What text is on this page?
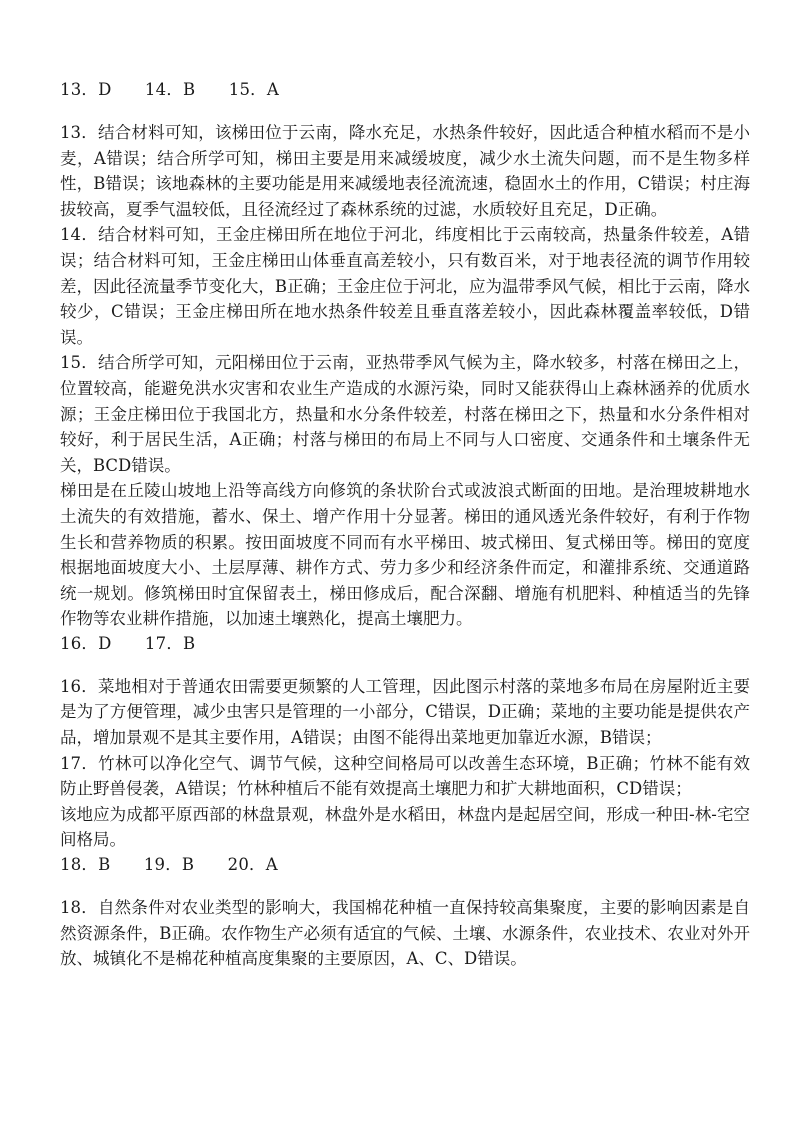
13．D　　14．B　　15．A

13．结合材料可知，该梯田位于云南，降水充足，水热条件较好，因此适合种植水稻而不是小麦，A错误；结合所学可知，梯田主要是用来减缓坡度，减少水土流失问题，而不是生物多样性，B错误；该地森林的主要功能是用来减缓地表径流流速，稳固水土的作用，C错误；村庄海拔较高，夏季气温较低，且径流经过了森林系统的过滤，水质较好且充足，D正确。

14．结合材料可知，王金庄梯田所在地位于河北，纬度相比于云南较高，热量条件较差，A错误；结合材料可知，王金庄梯田山体垂直高差较小，只有数百米，对于地表径流的调节作用较差，因此径流量季节变化大，B正确；王金庄位于河北，应为温带季风气候，相比于云南，降水较少，C错误；王金庄梯田所在地水热条件较差且垂直落差较小，因此森林覆盖率较低，D错误。

15．结合所学可知，元阳梯田位于云南，亚热带季风气候为主，降水较多，村落在梯田之上，位置较高，能避免洪水灾害和农业生产造成的水源污染，同时又能获得山上森林涵养的优质水源；王金庄梯田位于我国北方，热量和水分条件较差，村落在梯田之下，热量和水分条件相对较好，利于居民生活，A正确；村落与梯田的布局上不同与人口密度、交通条件和土壤条件无关，BCD错误。

梯田是在丘陵山坡地上沿等高线方向修筑的条状阶台式或波浪式断面的田地。是治理坡耕地水土流失的有效措施，蓄水、保土、增产作用十分显著。梯田的通风透光条件较好，有利于作物生长和营养物质的积累。按田面坡度不同而有水平梯田、坡式梯田、复式梯田等。梯田的宽度根据地面坡度大小、土层厚薄、耕作方式、劳力多少和经济条件而定，和灌排系统、交通道路统一规划。修筑梯田时宜保留表土，梯田修成后，配合深翻、增施有机肥料、种植适当的先锋作物等农业耕作措施，以加速土壤熟化，提高土壤肥力。

16．D　　17．B

16．菜地相对于普通农田需要更频繁的人工管理，因此图示村落的菜地多布局在房屋附近主要是为了方便管理，减少虫害只是管理的一小部分，C错误，D正确；菜地的主要功能是提供农产品，增加景观不是其主要作用，A错误；由图不能得出菜地更加靠近水源，B错误；

17．竹林可以净化空气、调节气候，这种空间格局可以改善生态环境，B正确；竹林不能有效防止野兽侵袭，A错误；竹林种植后不能有效提高土壤肥力和扩大耕地面积，CD错误；

该地应为成都平原西部的林盘景观，林盘外是水稻田，林盘内是起居空间，形成一种田-林-宅空间格局。

18．B　　19．B　　20．A

18．自然条件对农业类型的影响大，我国棉花种植一直保持较高集聚度，主要的影响因素是自然资源条件，B正确。农作物生产必须有适宜的气候、土壤、水源条件，农业技术、农业对外开放、城镇化不是棉花种植高度集聚的主要原因，A、C、D错误。
